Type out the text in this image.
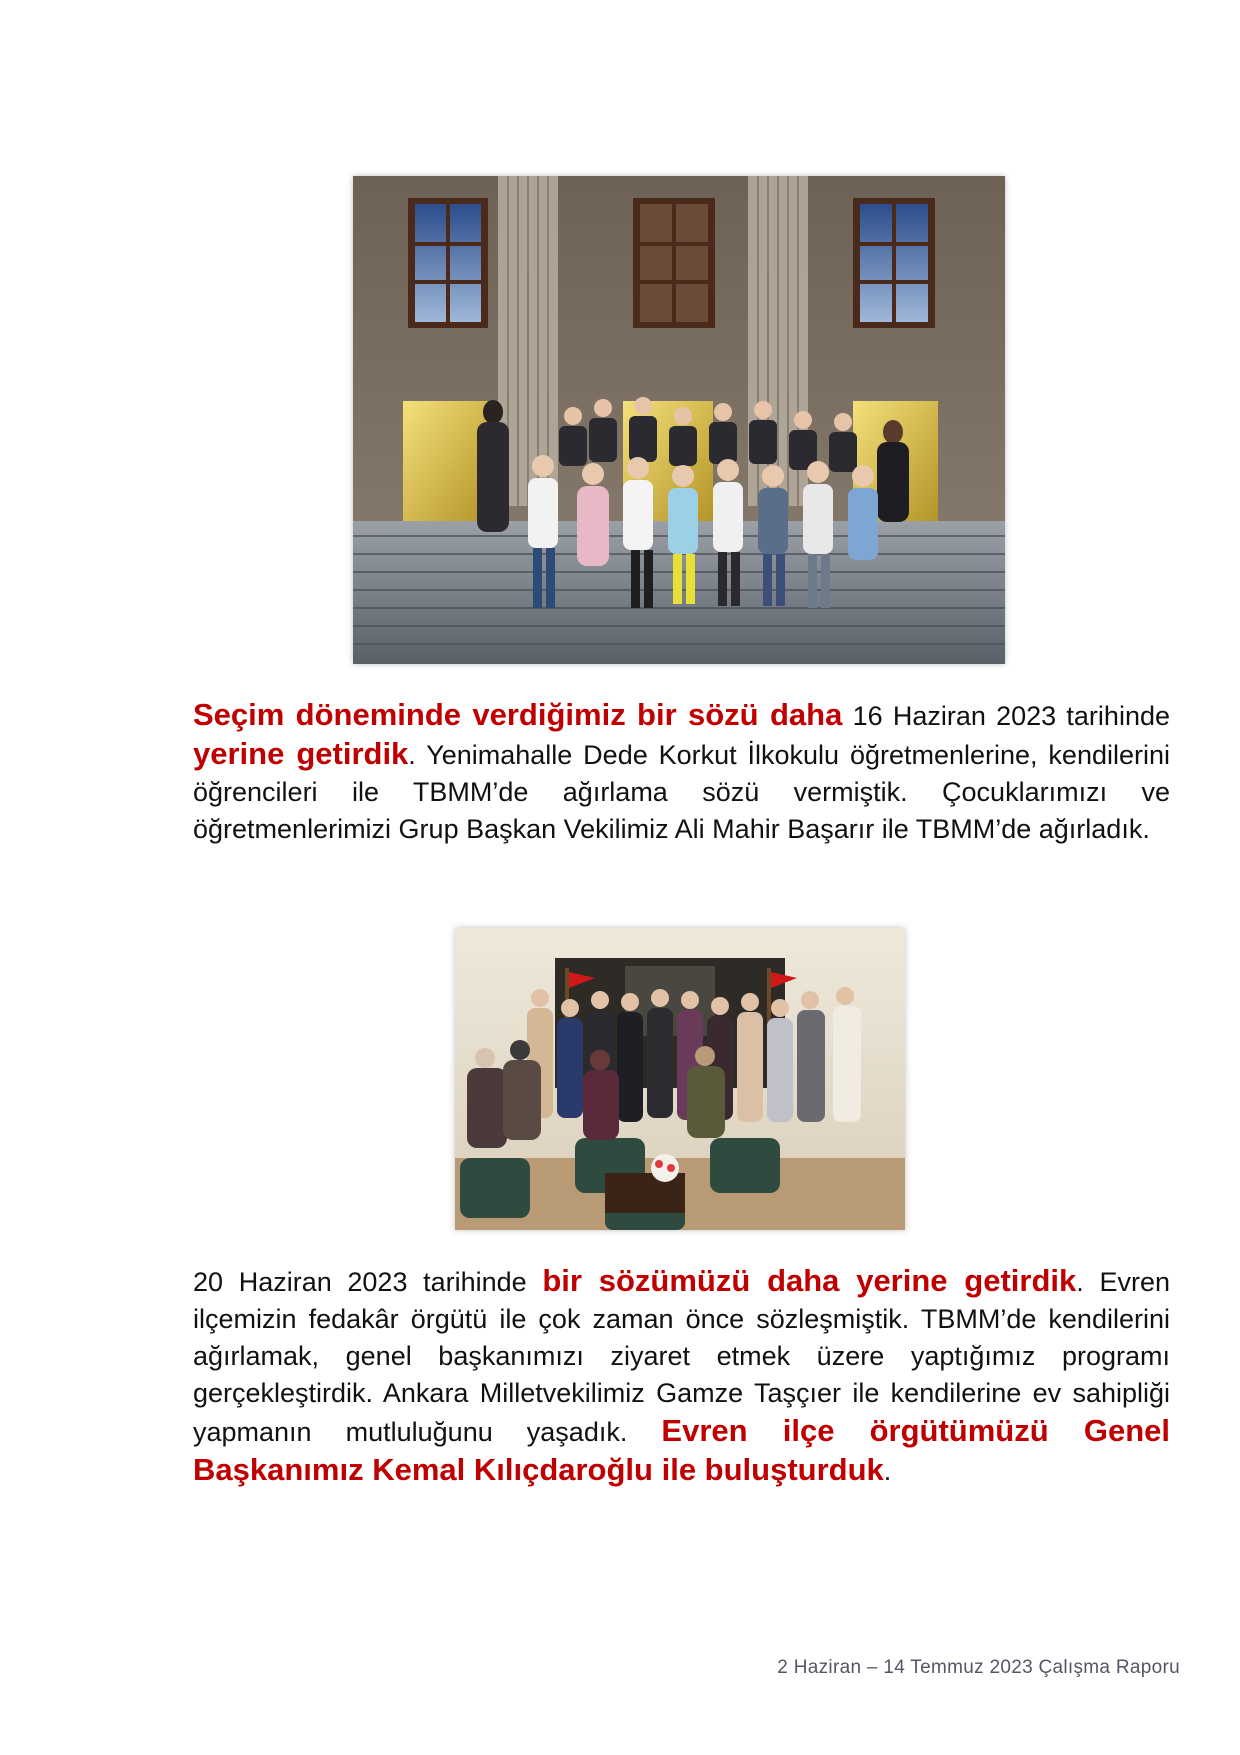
Seçim döneminde verdiğimiz bir sözü daha 16 Haziran 2023 tarihinde yerine getirdik. Yenimahalle Dede Korkut İlkokulu öğretmenlerine, kendilerini öğrencileri ile TBMM’de ağırlama sözü vermiştik. Çocuklarımızı ve öğretmenlerimizi Grup Başkan Vekilimiz Ali Mahir Başarır ile TBMM’de ağırladık.

20 Haziran 2023 tarihinde bir sözümüzü daha yerine getirdik. Evren ilçemizin fedakâr örgütü ile çok zaman önce sözleşmiştik. TBMM’de kendilerini ağırlamak, genel başkanımızı ziyaret etmek üzere yaptığımız programı gerçekleştirdik. Ankara Milletvekilimiz Gamze Taşçıer ile kendilerine ev sahipliği yapmanın mutluluğunu yaşadık. Evren ilçe örgütümüzü Genel Başkanımız Kemal Kılıçdaroğlu ile buluşturduk.

2 Haziran – 14 Temmuz 2023 Çalışma Raporu
